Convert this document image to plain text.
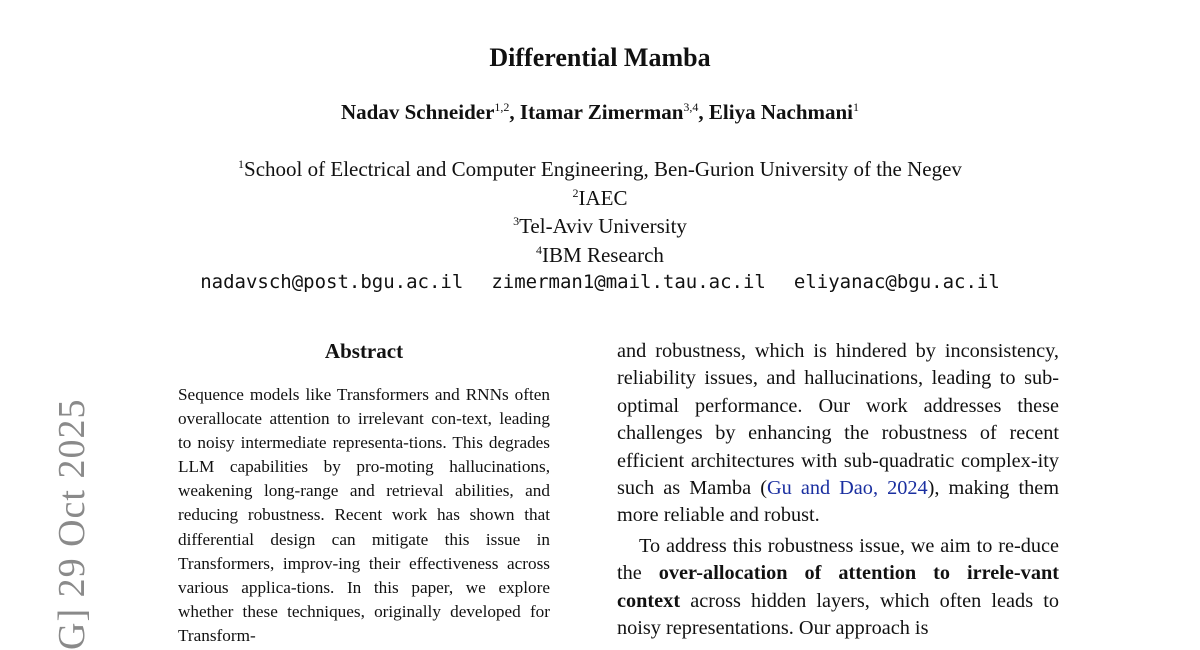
Differential Mamba
Nadav Schneider$^{1,2}$, Itamar Zimerman$^{3,4}$, Eliya Nachmani$^1$
$^1$School of Electrical and Computer Engineering, Ben-Gurion University of the Negev
$^2$IAEC
$^3$Tel-Aviv University
$^4$IBM Research
nadavsch@post.bgu.ac.il zimerman1@mail.tau.ac.il eliyanac@bgu.ac.il
G] 29 Oct 2025
Abstract
Sequence models like Transformers and RNNs often overallocate attention to irrelevant con-text, leading to noisy intermediate representa-tions. This degrades LLM capabilities by pro-moting hallucinations, weakening long-range and retrieval abilities, and reducing robustness. Recent work has shown that differential design can mitigate this issue in Transformers, improv-ing their effectiveness across various applica-tions. In this paper, we explore whether these techniques, originally developed for Transform-

and robustness, which is hindered by inconsistency, reliability issues, and hallucinations, leading to sub-optimal performance. Our work addresses these challenges by enhancing the robustness of recent efficient architectures with sub-quadratic complex-ity such as Mamba (Gu and Dao, 2024), making them more reliable and robust.

To address this robustness issue, we aim to re-duce the over-allocation of attention to irrele-vant context across hidden layers, which often leads to noisy representations. Our approach is
